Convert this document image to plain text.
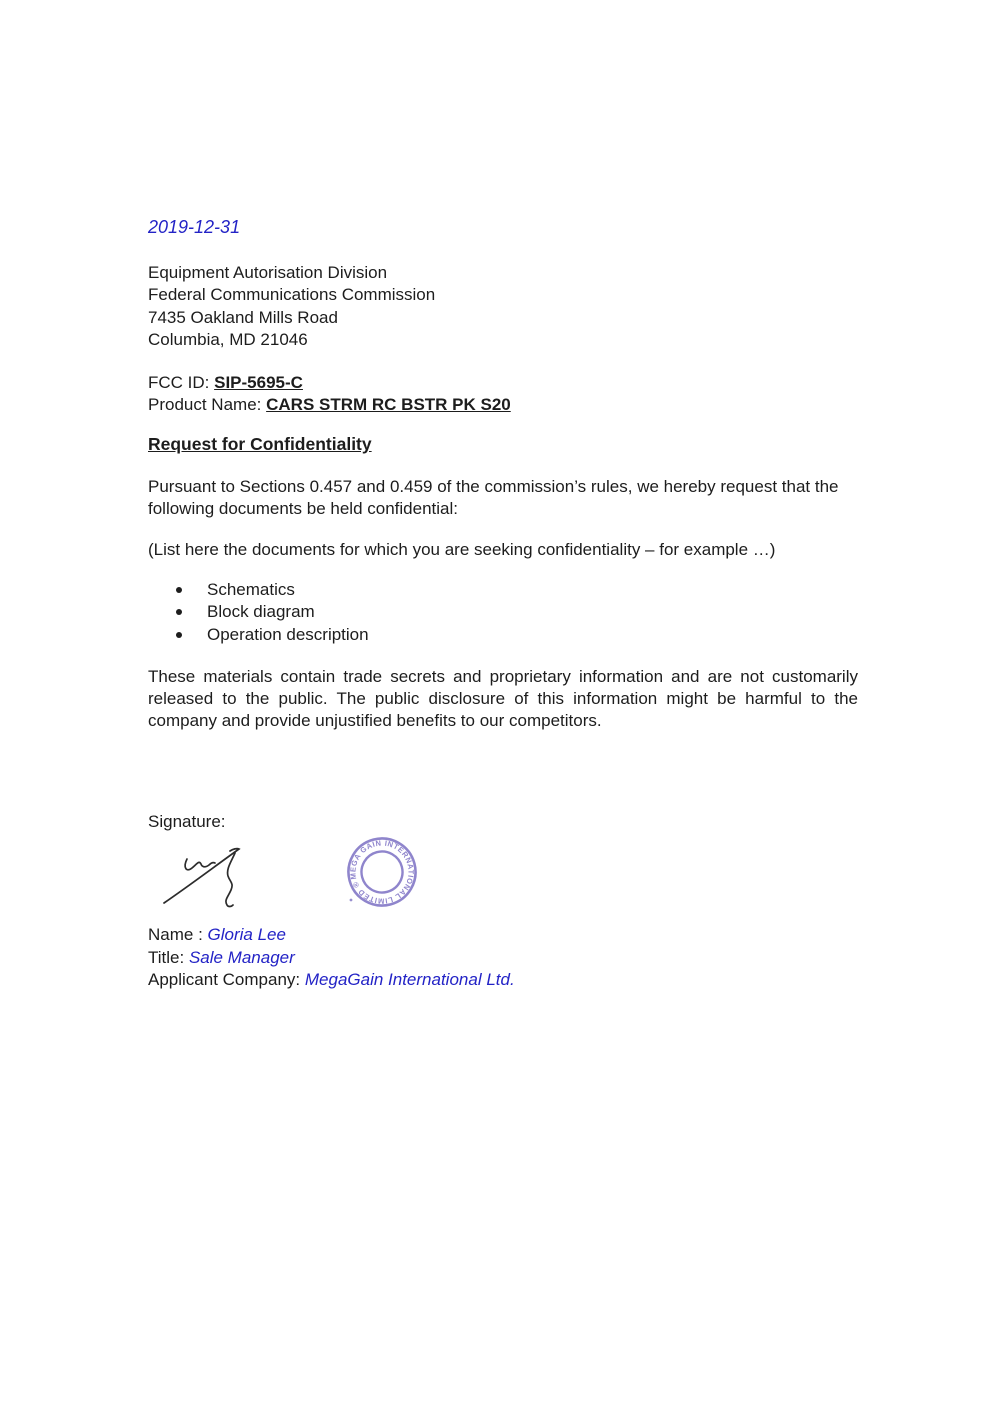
2019-12-31
Equipment Autorisation Division
Federal Communications Commission
7435 Oakland Mills Road
Columbia, MD 21046
FCC ID: SIP-5695-C
Product Name: CARS STRM RC BSTR PK S20
Request for Confidentiality
Pursuant to Sections 0.457 and 0.459 of the commission’s rules, we hereby request that the following documents be held confidential:
(List here the documents for which you are seeking confidentiality – for example …)
Schematics
Block diagram
Operation description
These materials contain trade secrets and proprietary information and are not customarily released to the public. The public disclosure of this information might be harmful to the company and provide unjustified benefits to our competitors.
Signature:
MEGA GAIN INTERNATIONAL LIMITED ®
Name : Gloria Lee
Title: Sale Manager
Applicant Company: MegaGain International Ltd.
